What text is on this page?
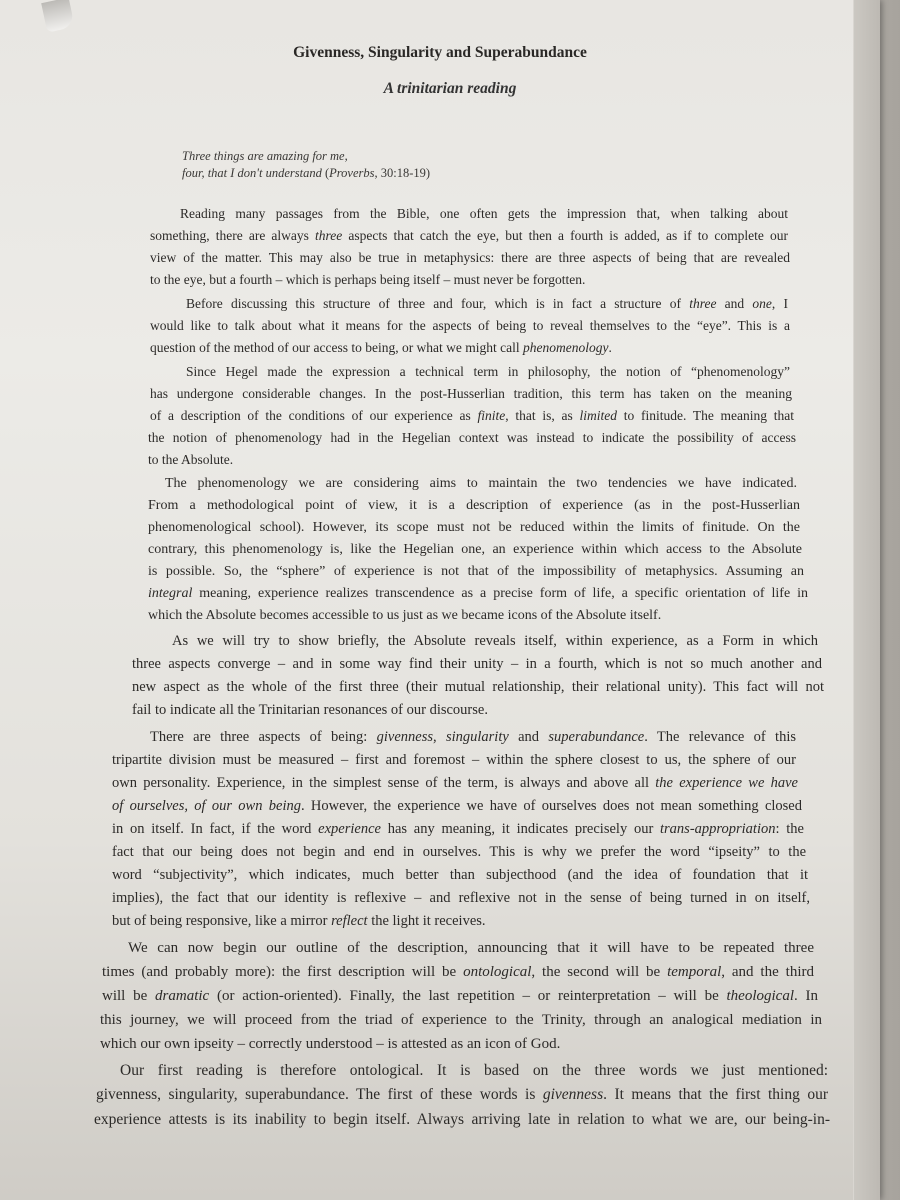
Givenness, Singularity and Superabundance
A trinitarian reading
Three things are amazing for me,
four, that I don't understand (Proverbs, 30:18-19)
Reading many passages from the Bible, one often gets the impression that, when talking about
something, there are always three aspects that catch the eye, but then a fourth is added, as if to complete our
view of the matter. This may also be true in metaphysics: there are three aspects of being that are revealed
to the eye, but a fourth – which is perhaps being itself – must never be forgotten.
Before discussing this structure of three and four, which is in fact a structure of three and one, I
would like to talk about what it means for the aspects of being to reveal themselves to the “eye”. This is a
question of the method of our access to being, or what we might call phenomenology.
Since Hegel made the expression a technical term in philosophy, the notion of “phenomenology”
has undergone considerable changes. In the post-Husserlian tradition, this term has taken on the meaning
of a description of the conditions of our experience as finite, that is, as limited to finitude. The meaning that
the notion of phenomenology had in the Hegelian context was instead to indicate the possibility of access
to the Absolute.
The phenomenology we are considering aims to maintain the two tendencies we have indicated.
From a methodological point of view, it is a description of experience (as in the post-Husserlian
phenomenological school). However, its scope must not be reduced within the limits of finitude. On the
contrary, this phenomenology is, like the Hegelian one, an experience within which access to the Absolute
is possible. So, the “sphere” of experience is not that of the impossibility of metaphysics. Assuming an
integral meaning, experience realizes transcendence as a precise form of life, a specific orientation of life in
which the Absolute becomes accessible to us just as we became icons of the Absolute itself.
As we will try to show briefly, the Absolute reveals itself, within experience, as a Form in which
three aspects converge – and in some way find their unity – in a fourth, which is not so much another and
new aspect as the whole of the first three (their mutual relationship, their relational unity). This fact will not
fail to indicate all the Trinitarian resonances of our discourse.
There are three aspects of being: givenness, singularity and superabundance. The relevance of this
tripartite division must be measured – first and foremost – within the sphere closest to us, the sphere of our
own personality. Experience, in the simplest sense of the term, is always and above all the experience we have
of ourselves, of our own being. However, the experience we have of ourselves does not mean something closed
in on itself. In fact, if the word experience has any meaning, it indicates precisely our trans-appropriation: the
fact that our being does not begin and end in ourselves. This is why we prefer the word “ipseity” to the
word “subjectivity”, which indicates, much better than subjecthood (and the idea of foundation that it
implies), the fact that our identity is reflexive – and reflexive not in the sense of being turned in on itself,
but of being responsive, like a mirror reflect the light it receives.
We can now begin our outline of the description, announcing that it will have to be repeated three
times (and probably more): the first description will be ontological, the second will be temporal, and the third
will be dramatic (or action-oriented). Finally, the last repetition – or reinterpretation – will be theological. In
this journey, we will proceed from the triad of experience to the Trinity, through an analogical mediation in
which our own ipseity – correctly understood – is attested as an icon of God.
Our first reading is therefore ontological. It is based on the three words we just mentioned:
givenness, singularity, superabundance. The first of these words is givenness. It means that the first thing our
experience attests is its inability to begin itself. Always arriving late in relation to what we are, our being-in-
